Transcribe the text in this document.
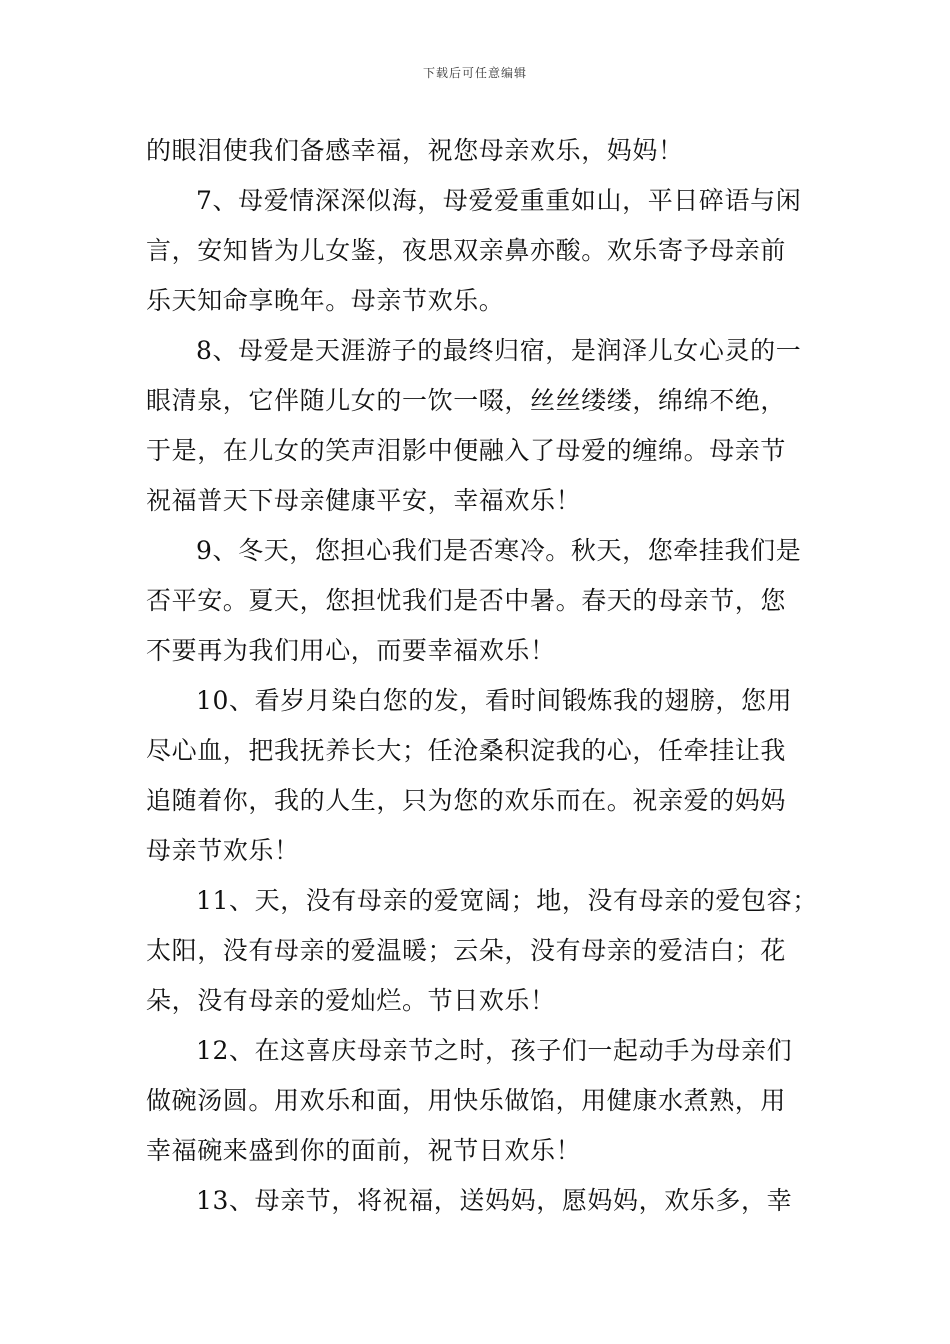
下载后可任意编辑
的眼泪使我们备感幸福，祝您母亲欢乐，妈妈！
7、母爱情深深似海，母爱爱重重如山，平日碎语与闲
言，安知皆为儿女鉴，夜思双亲鼻亦酸。欢乐寄予母亲前
乐天知命享晚年。母亲节欢乐。
8、母爱是天涯游子的最终归宿，是润泽儿女心灵的一
眼清泉，它伴随儿女的一饮一啜，丝丝缕缕，绵绵不绝，
于是，在儿女的笑声泪影中便融入了母爱的缠绵。母亲节
祝福普天下母亲健康平安，幸福欢乐！
9、冬天，您担心我们是否寒冷。秋天，您牵挂我们是
否平安。夏天，您担忧我们是否中暑。春天的母亲节，您
不要再为我们用心，而要幸福欢乐！
10、看岁月染白您的发，看时间锻炼我的翅膀，您用
尽心血，把我抚养长大；任沧桑积淀我的心，任牵挂让我
追随着你，我的人生，只为您的欢乐而在。祝亲爱的妈妈
母亲节欢乐！
11、天，没有母亲的爱宽阔；地，没有母亲的爱包容；
太阳，没有母亲的爱温暖；云朵，没有母亲的爱洁白；花
朵，没有母亲的爱灿烂。节日欢乐！
12、在这喜庆母亲节之时，孩子们一起动手为母亲们
做碗汤圆。用欢乐和面，用快乐做馅，用健康水煮熟，用
幸福碗来盛到你的面前，祝节日欢乐！
13、母亲节，将祝福，送妈妈，愿妈妈，欢乐多，幸
